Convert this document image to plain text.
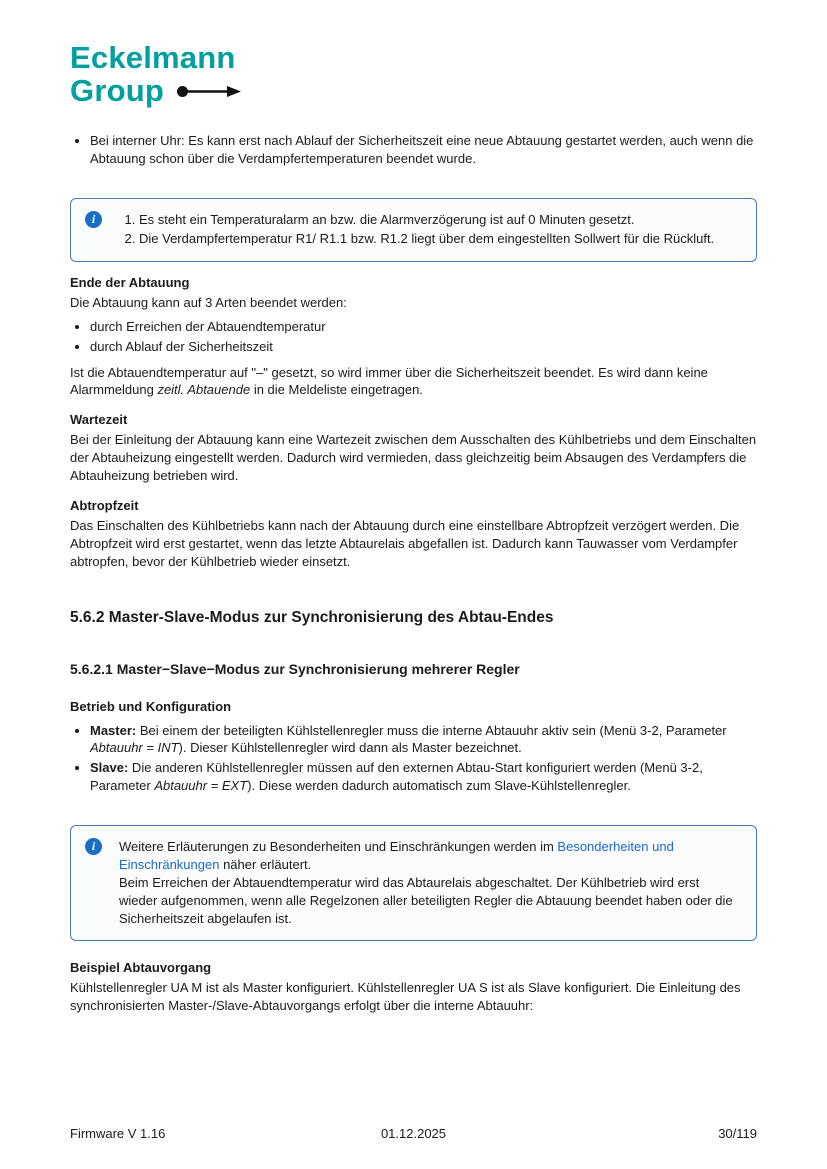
Eckelmann
Group
• Bei interner Uhr: Es kann erst nach Ablauf der Sicherheitszeit eine neue Abtauung gestartet werden, auch wenn die Abtauung schon über die Verdampfertemperaturen beendet wurde.
i	1. Es steht ein Temperaturalarm an bzw. die Alarmverzögerung ist auf 0 Minuten gesetzt.
2. Die Verdampfertemperatur R1/ R1.1 bzw. R1.2 liegt über dem eingestellten Sollwert für die Rückluft.
Ende der Abtauung

Die Abtauung kann auf 3 Arten beendet werden:

• durch Erreichen der Abtauendtemperatur
• durch Ablauf der Sicherheitszeit

Ist die Abtauendtemperatur auf "–" gesetzt, so wird immer über die Sicherheitszeit beendet. Es wird dann keine Alarmmeldung zeitl. Abtauende in die Meldeliste eingetragen.

Wartezeit

Bei der Einleitung der Abtauung kann eine Wartezeit zwischen dem Ausschalten des Kühlbetriebs und dem Einschalten der Abtauheizung eingestellt werden. Dadurch wird vermieden, dass gleichzeitig beim Absaugen des Verdampfers die Abtauheizung betrieben wird.

Abtropfzeit

Das Einschalten des Kühlbetriebs kann nach der Abtauung durch eine einstellbare Abtropfzeit verzögert werden. Die Abtropfzeit wird erst gestartet, wenn das letzte Abtaurelais abgefallen ist. Dadurch kann Tauwasser vom Verdampfer abtropfen, bevor der Kühlbetrieb wieder einsetzt.

5.6.2 Master-Slave-Modus zur Synchronisierung des Abtau-Endes
5.6.2.1 Master−Slave−Modus zur Synchronisierung mehrerer Regler
Betrieb und Konfiguration
• Master: Bei einem der beteiligten Kühlstellenregler muss die interne Abtauuhr aktiv sein (Menü 3-2, Parameter Abtauuhr = INT). Dieser Kühlstellenregler wird dann als Master bezeichnet.
• Slave: Die anderen Kühlstellenregler müssen auf den externen Abtau-Start konfiguriert werden (Menü 3-2, Parameter Abtauuhr = EXT). Diese werden dadurch automatisch zum Slave-Kühlstellenregler.
i	Weitere Erläuterungen zu Besonderheiten und Einschränkungen werden im Besonderheiten und Einschränkungen näher erläutert.

Beim Erreichen der Abtauendtemperatur wird das Abtaurelais abgeschaltet. Der Kühlbetrieb wird erst wieder aufgenommen, wenn alle Regelzonen aller beteiligten Regler die Abtauung beendet haben oder die Sicherheitszeit abgelaufen ist.

Beispiel Abtauvorgang

Kühlstellenregler UA M ist als Master konfiguriert. Kühlstellenregler UA S ist als Slave konfiguriert. Die Einleitung des synchronisierten Master-/Slave-Abtauvorgangs erfolgt über die interne Abtauuhr:

Firmware V 1.16	01.12.2025	30/119
